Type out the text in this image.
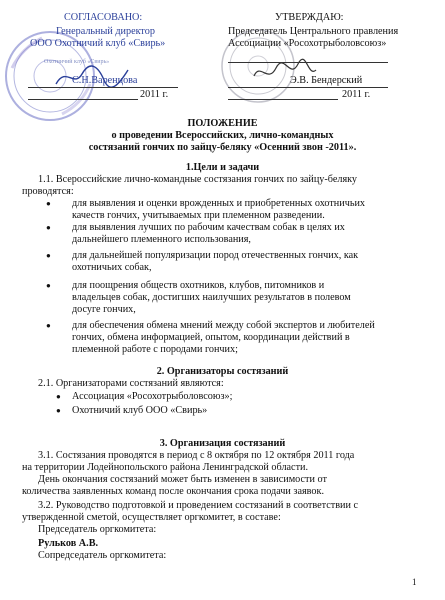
СОГЛАСОВАНО:
Генеральный директор
ООО Охотничий клуб «Свирь»
С.Н.Варенцова
2011 г.
Охотничий клуб «Свирь»
УТВЕРЖДАЮ:
Председатель Центрального правления
Ассоциации «Росохотрыболовсоюз»
Э.В. Бендерский
2011 г.
ПОЛОЖЕНИЕ
о проведении Всероссийских, лично-командных
состязаний гончих по зайцу-беляку «Осенний звон -2011».
1.Цели и задачи
1.1. Всероссийские лично-командные состязания гончих по зайцу-беляку
проводятся:
● для выявления и оценки врожденных и приобретенных охотничьих
качеств гончих, учитываемых при племенном разведении.
● для выявления лучших по рабочим качествам собак в целях их
дальнейшего племенного использования,
● для дальнейшей популяризации пород отечественных гончих, как
охотничьих собак,
● для поощрения обществ охотников, клубов, питомников и
владельцев собак, достигших наилучших результатов в полевом
досуге гончих,
● для обеспечения обмена мнений между собой экспертов и любителей
гончих, обмена информацией, опытом, координации действий в
племенной работе с породами гончих;
2. Организаторы состязаний
2.1. Организаторами состязаний являются:
● Ассоциация «Росохотрыболовсоюз»;
● Охотничий клуб ООО «Свирь»
3. Организация состязаний
3.1. Состязания проводятся в период с 8 октября по 12 октября 2011 года
на территории Лодейнопольского района Ленинградской области.
День окончания состязаний может быть изменен в зависимости от
количества заявленных команд после окончания срока подачи заявок.
3.2. Руководство подготовкой и проведением состязаний в соответствии с
утвержденной сметой, осуществляет оргкомитет, в составе:
Председатель оргкомитета:
Рульков А.В.
Сопредседатель оргкомитета:
1
